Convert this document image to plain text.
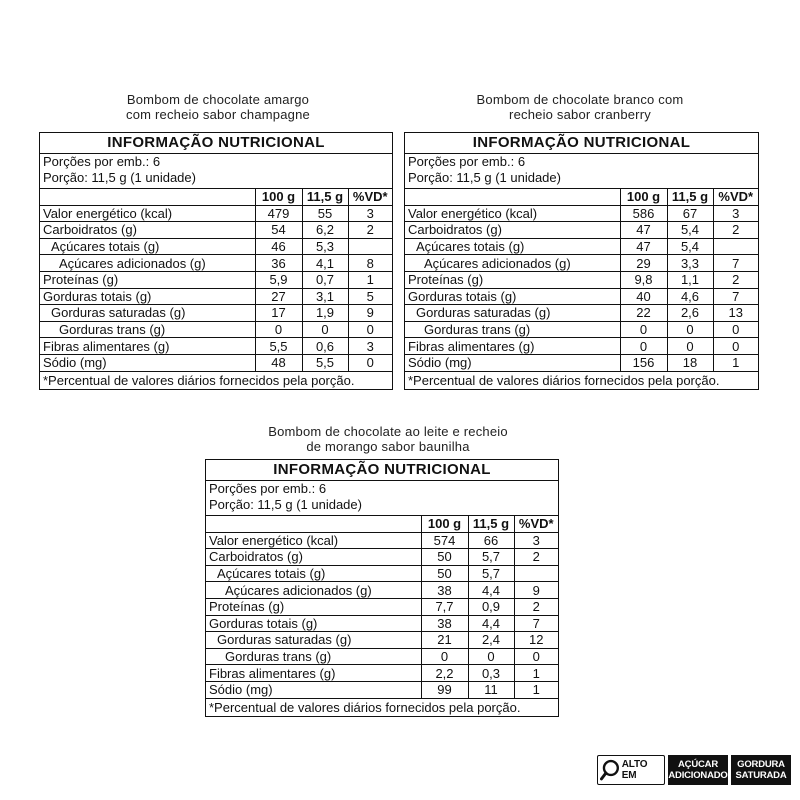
Bombom de chocolate amargo
com recheio sabor champagne
Bombom de chocolate branco com
recheio sabor cranberry
Bombom de chocolate ao leite e recheio
de morango sabor baunilha
INFORMAÇÃO NUTRICIONAL
Porções por emb.: 6
Porção: 11,5 g (1 unidade)
	100 g	11,5 g	%VD*
Valor energético (kcal)	479	55	3
Carboidratos (g)	54	6,2	2
Açúcares totais (g)	46	5,3	
Açúcares adicionados (g)	36	4,1	8
Proteínas (g)	5,9	0,7	1
Gorduras totais (g)	27	3,1	5
Gorduras saturadas (g)	17	1,9	9
Gorduras trans (g)	0	0	0
Fibras alimentares (g)	5,5	0,6	3
Sódio (mg)	48	5,5	0
*Percentual de valores diários fornecidos pela porção.
INFORMAÇÃO NUTRICIONAL
Porções por emb.: 6
Porção: 11,5 g (1 unidade)
	100 g	11,5 g	%VD*
Valor energético (kcal)	586	67	3
Carboidratos (g)	47	5,4	2
Açúcares totais (g)	47	5,4	
Açúcares adicionados (g)	29	3,3	7
Proteínas (g)	9,8	1,1	2
Gorduras totais (g)	40	4,6	7
Gorduras saturadas (g)	22	2,6	13
Gorduras trans (g)	0	0	0
Fibras alimentares (g)	0	0	0
Sódio (mg)	156	18	1
*Percentual de valores diários fornecidos pela porção.
INFORMAÇÃO NUTRICIONAL
Porções por emb.: 6
Porção: 11,5 g (1 unidade)
	100 g	11,5 g	%VD*
Valor energético (kcal)	574	66	3
Carboidratos (g)	50	5,7	2
Açúcares totais (g)	50	5,7	
Açúcares adicionados (g)	38	4,4	9
Proteínas (g)	7,7	0,9	2
Gorduras totais (g)	38	4,4	7
Gorduras saturadas (g)	21	2,4	12
Gorduras trans (g)	0	0	0
Fibras alimentares (g)	2,2	0,3	1
Sódio (mg)	99	11	1
*Percentual de valores diários fornecidos pela porção.
ALTO EM
AÇÚCAR
ADICIONADO
GORDURA
SATURADA
